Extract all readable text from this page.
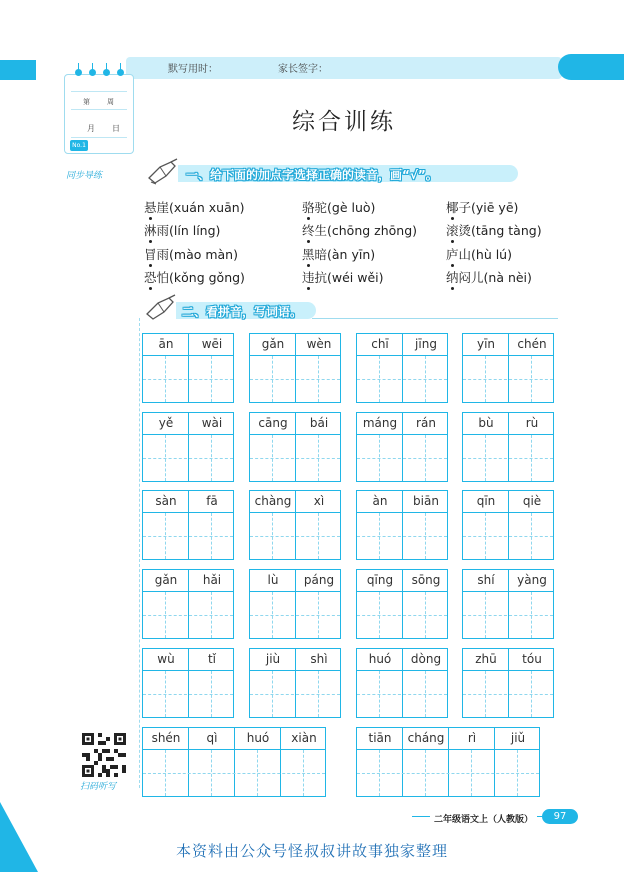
默写用时：	家长签字：
第 周
月 日
No.1
同步导练
综合训练
一、给下面的加点字选择正确的读音，画“√”。
悬崖(xuán xuān)	骆驼(gè luò)	椰子(yiē yē)
淋雨(lín líng)	终生(chōng zhōng) 滚烫(tāng tàng)
冒雨(mào màn)	黑暗(àn yīn)	庐山(hù lú)
恐怕(kǒng gǒng)	违抗(wéi wěi)	纳闷儿(nà nèi)
二、看拼音，写词语。
ān	wēi	gǎn	wèn	chī	jīng	yīn	chén
yě	wài	cāng	bái	máng	rán	bù	rù
sàn	fā	chàng	xì	àn	biān	qīn	qiè
gǎn	hǎi	lù	páng	qīng	sōng	shí	yàng
wù	tǐ	jiù	shì	huó	dòng	zhū	tóu
shén	qì	huó	xiàn	tiān	cháng	rì	jiǔ
扫码听写
二年级语文上（人教版）	97
本资料由公众号怪叔叔讲故事独家整理
